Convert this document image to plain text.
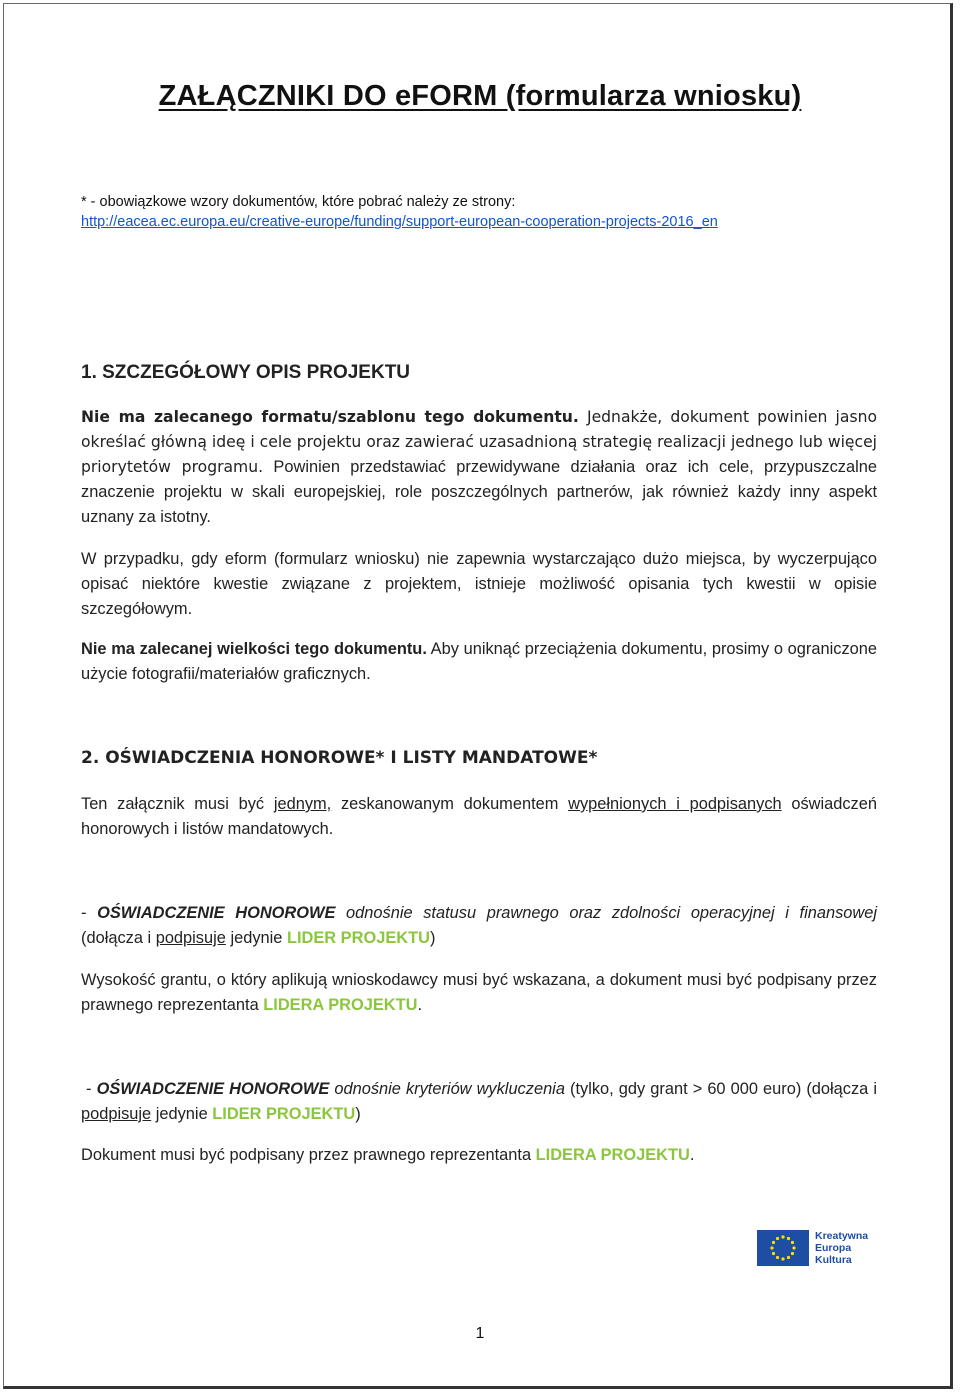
ZAŁĄCZNIKI DO eFORM (formularza wniosku)
* - obowiązkowe wzory dokumentów, które pobrać należy ze strony:
http://eacea.ec.europa.eu/creative-europe/funding/support-european-cooperation-projects-2016_en
1. SZCZEGÓŁOWY OPIS PROJEKTU
Nie ma zalecanego formatu/szablonu tego dokumentu. Jednakże, dokument powinien jasno określać główną ideę i cele projektu oraz zawierać uzasadnioną strategię realizacji jednego lub więcej priorytetów programu. Powinien przedstawiać przewidywane działania oraz ich cele, przypuszczalne znaczenie projektu w skali europejskiej, role poszczególnych partnerów, jak również każdy inny aspekt uznany za istotny.
W przypadku, gdy eform (formularz wniosku) nie zapewnia wystarczająco dużo miejsca, by wyczerpująco opisać niektóre kwestie związane z projektem, istnieje możliwość opisania tych kwestii w opisie szczegółowym.
Nie ma zalecanej wielkości tego dokumentu. Aby uniknąć przeciążenia dokumentu, prosimy o ograniczone użycie fotografii/materiałów graficznych.
2. OŚWIADCZENIA HONOROWE* I LISTY MANDATOWE*
Ten załącznik musi być jednym, zeskanowanym dokumentem wypełnionych i podpisanych oświadczeń honorowych i listów mandatowych.
- OŚWIADCZENIE HONOROWE odnośnie statusu prawnego oraz zdolności operacyjnej i finansowej (dołącza i podpisuje jedynie LIDER PROJEKTU)
Wysokość grantu, o który aplikują wnioskodawcy musi być wskazana, a dokument musi być podpisany przez prawnego reprezentanta LIDERA PROJEKTU.
- OŚWIADCZENIE HONOROWE odnośnie kryteriów wykluczenia (tylko, gdy grant > 60 000 euro) (dołącza i podpisuje jedynie LIDER PROJEKTU)
Dokument musi być podpisany przez prawnego reprezentanta LIDERA PROJEKTU.
Kreatywna
Europa
Kultura
1
